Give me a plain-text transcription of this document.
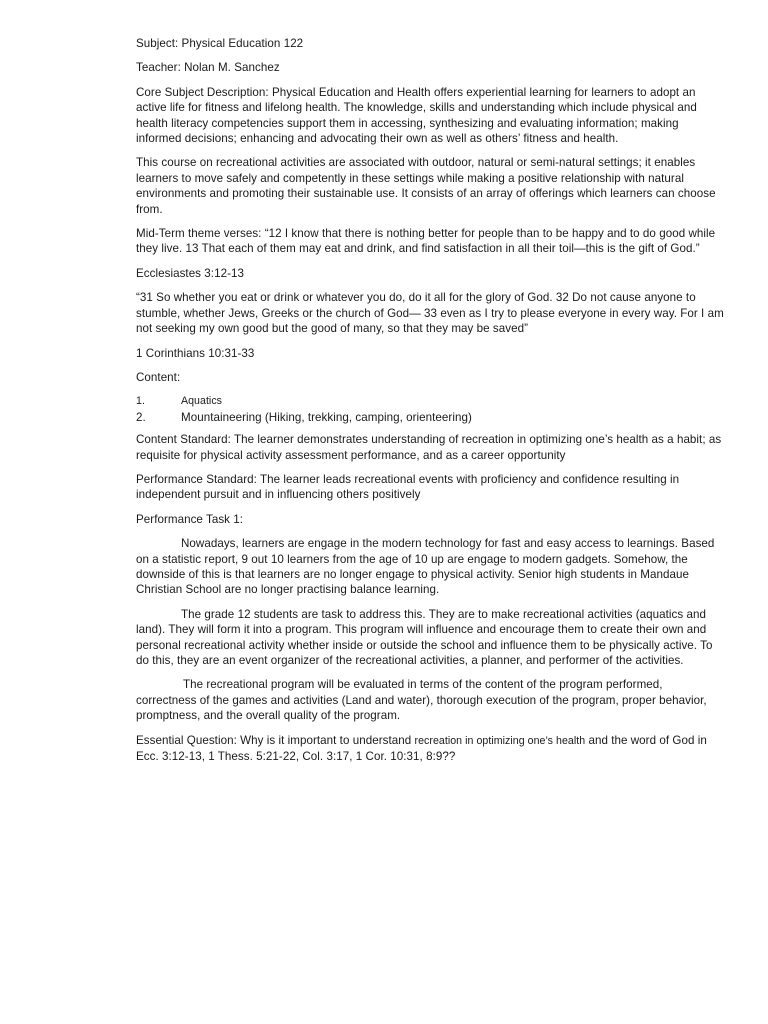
Subject: Physical Education 122

Teacher: Nolan M. Sanchez

Core Subject Description: Physical Education and Health offers experiential learning for learners to adopt an active life for fitness and lifelong health. The knowledge, skills and understanding which include physical and health literacy competencies support them in accessing, synthesizing and evaluating information; making informed decisions; enhancing and advocating their own as well as others’ fitness and health.

This course on recreational activities are associated with outdoor, natural or semi-natural settings; it enables learners to move safely and competently in these settings while making a positive relationship with natural environments and promoting their sustainable use. It consists of an array of offerings which learners can choose from.

Mid-Term theme verses: “12 I know that there is nothing better for people than to be happy and to do good while they live. 13 That each of them may eat and drink, and find satisfaction in all their toil—this is the gift of God.”

Ecclesiastes 3:12-13

“31 So whether you eat or drink or whatever you do, do it all for the glory of God. 32 Do not cause anyone to stumble, whether Jews, Greeks or the church of God— 33 even as I try to please everyone in every way. For I am not seeking my own good but the good of many, so that they may be saved”

1 Corinthians 10:31-33

Content:

1.	Aquatics
2.	Mountaineering (Hiking, trekking, camping, orienteering)

Content Standard: The learner demonstrates understanding of recreation in optimizing one’s health as a habit; as requisite for physical activity assessment performance, and as a career opportunity

Performance Standard: The learner leads recreational events with proficiency and confidence resulting in independent pursuit and in influencing others positively

Performance Task 1:

Nowadays, learners are engage in the modern technology for fast and easy access to learnings. Based on a statistic report, 9 out 10 learners from the age of 10 up are engage to modern gadgets. Somehow, the downside of this is that learners are no longer engage to physical activity. Senior high students in Mandaue Christian School are no longer practising balance learning.

The grade 12 students are task to address this. They are to make recreational activities (aquatics and land). They will form it into a program. This program will influence and encourage them to create their own and personal recreational activity whether inside or outside the school and influence them to be physically active. To do this, they are an event organizer of the recreational activities, a planner, and performer of the activities.

The recreational program will be evaluated in terms of the content of the program performed, correctness of the games and activities (Land and water), thorough execution of the program, proper behavior, promptness, and the overall quality of the program.

Essential Question: Why is it important to understand recreation in optimizing one’s health and the word of God in Ecc. 3:12-13, 1 Thess. 5:21-22, Col. 3:17, 1 Cor. 10:31, 8:9??
